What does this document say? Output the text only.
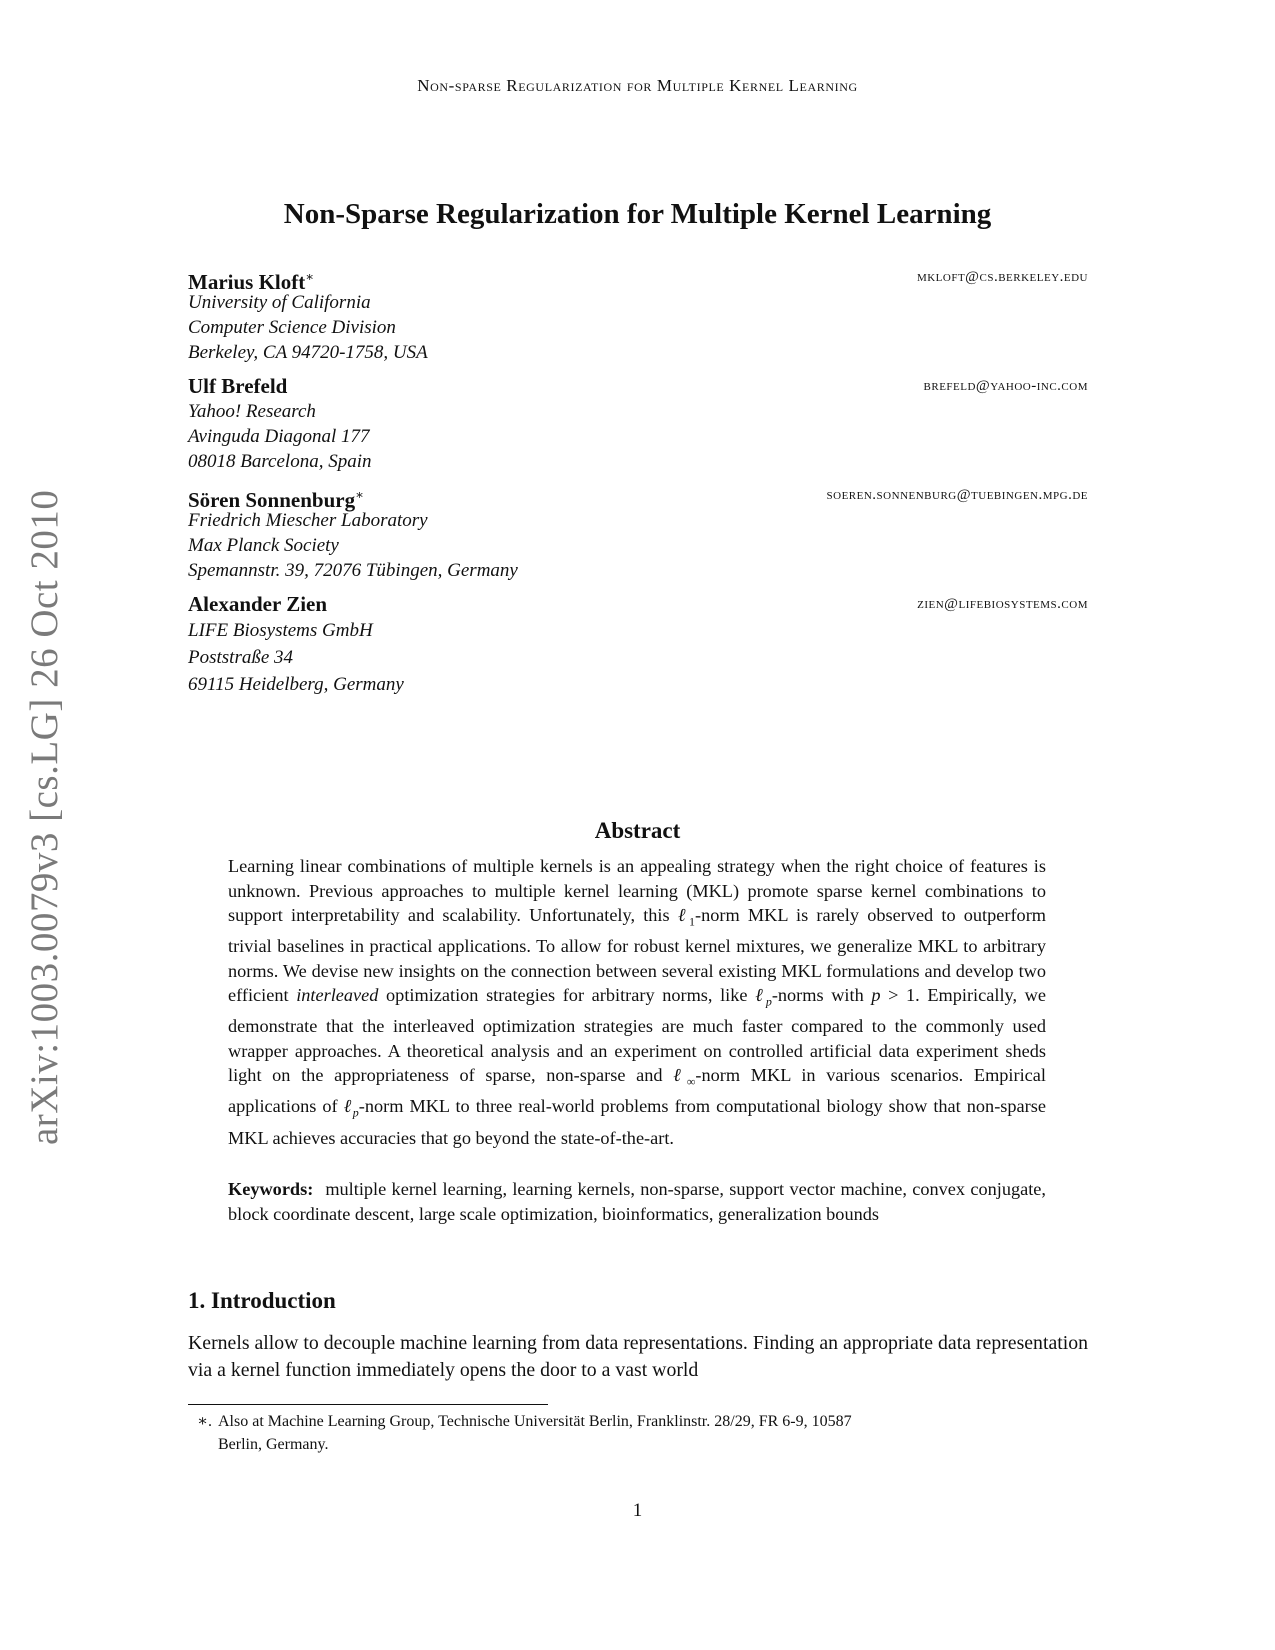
Non-sparse Regularization for Multiple Kernel Learning
Non-Sparse Regularization for Multiple Kernel Learning
Marius Kloft∗	mkloft@cs.berkeley.edu
University of California
Computer Science Division
Berkeley, CA 94720-1758, USA
Ulf Brefeld	brefeld@yahoo-inc.com
Yahoo! Research
Avinguda Diagonal 177
08018 Barcelona, Spain
Sören Sonnenburg∗	soeren.sonnenburg@tuebingen.mpg.de
Friedrich Miescher Laboratory
Max Planck Society
Spemannstr. 39, 72076 Tübingen, Germany
Alexander Zien	zien@lifebiosystems.com
LIFE Biosystems GmbH
Poststraße 34
69115 Heidelberg, Germany
arXiv:1003.0079v3 [cs.LG] 26 Oct 2010	Abstract
Learning linear combinations of multiple kernels is an appealing strategy when the right choice of features is unknown. Previous approaches to multiple kernel learning (MKL) promote sparse kernel combinations to support interpretability and scalability. Unfortunately, this ℓ$_1$-norm MKL is rarely observed to outperform trivial baselines in practical applications. To allow for robust kernel mixtures, we generalize MKL to arbitrary norms. We devise new insights on the connection between several existing MKL formulations and develop two efficient interleaved optimization strategies for arbitrary norms, like ℓ$_p$-norms with p > 1. Empirically, we demonstrate that the interleaved optimization strategies are much faster compared to the commonly used wrapper approaches. A theoretical analysis and an experiment on controlled artificial data experiment sheds light on the appropriateness of sparse, non-sparse and ℓ$_\infty$-norm MKL in various scenarios. Empirical applications of ℓ$_p$-norm MKL to three real-world problems from computational biology show that non-sparse MKL achieves accuracies that go beyond the state-of-the-art.
Keywords: multiple kernel learning, learning kernels, non-sparse, support vector machine, convex conjugate, block coordinate descent, large scale optimization, bioinformatics, generalization bounds
1. Introduction
Kernels allow to decouple machine learning from data representations. Finding an appropriate data representation via a kernel function immediately opens the door to a vast world
∗. Also at Machine Learning Group, Technische Universität Berlin, Franklinstr. 28/29, FR 6-9, 10587
Berlin, Germany.
1
